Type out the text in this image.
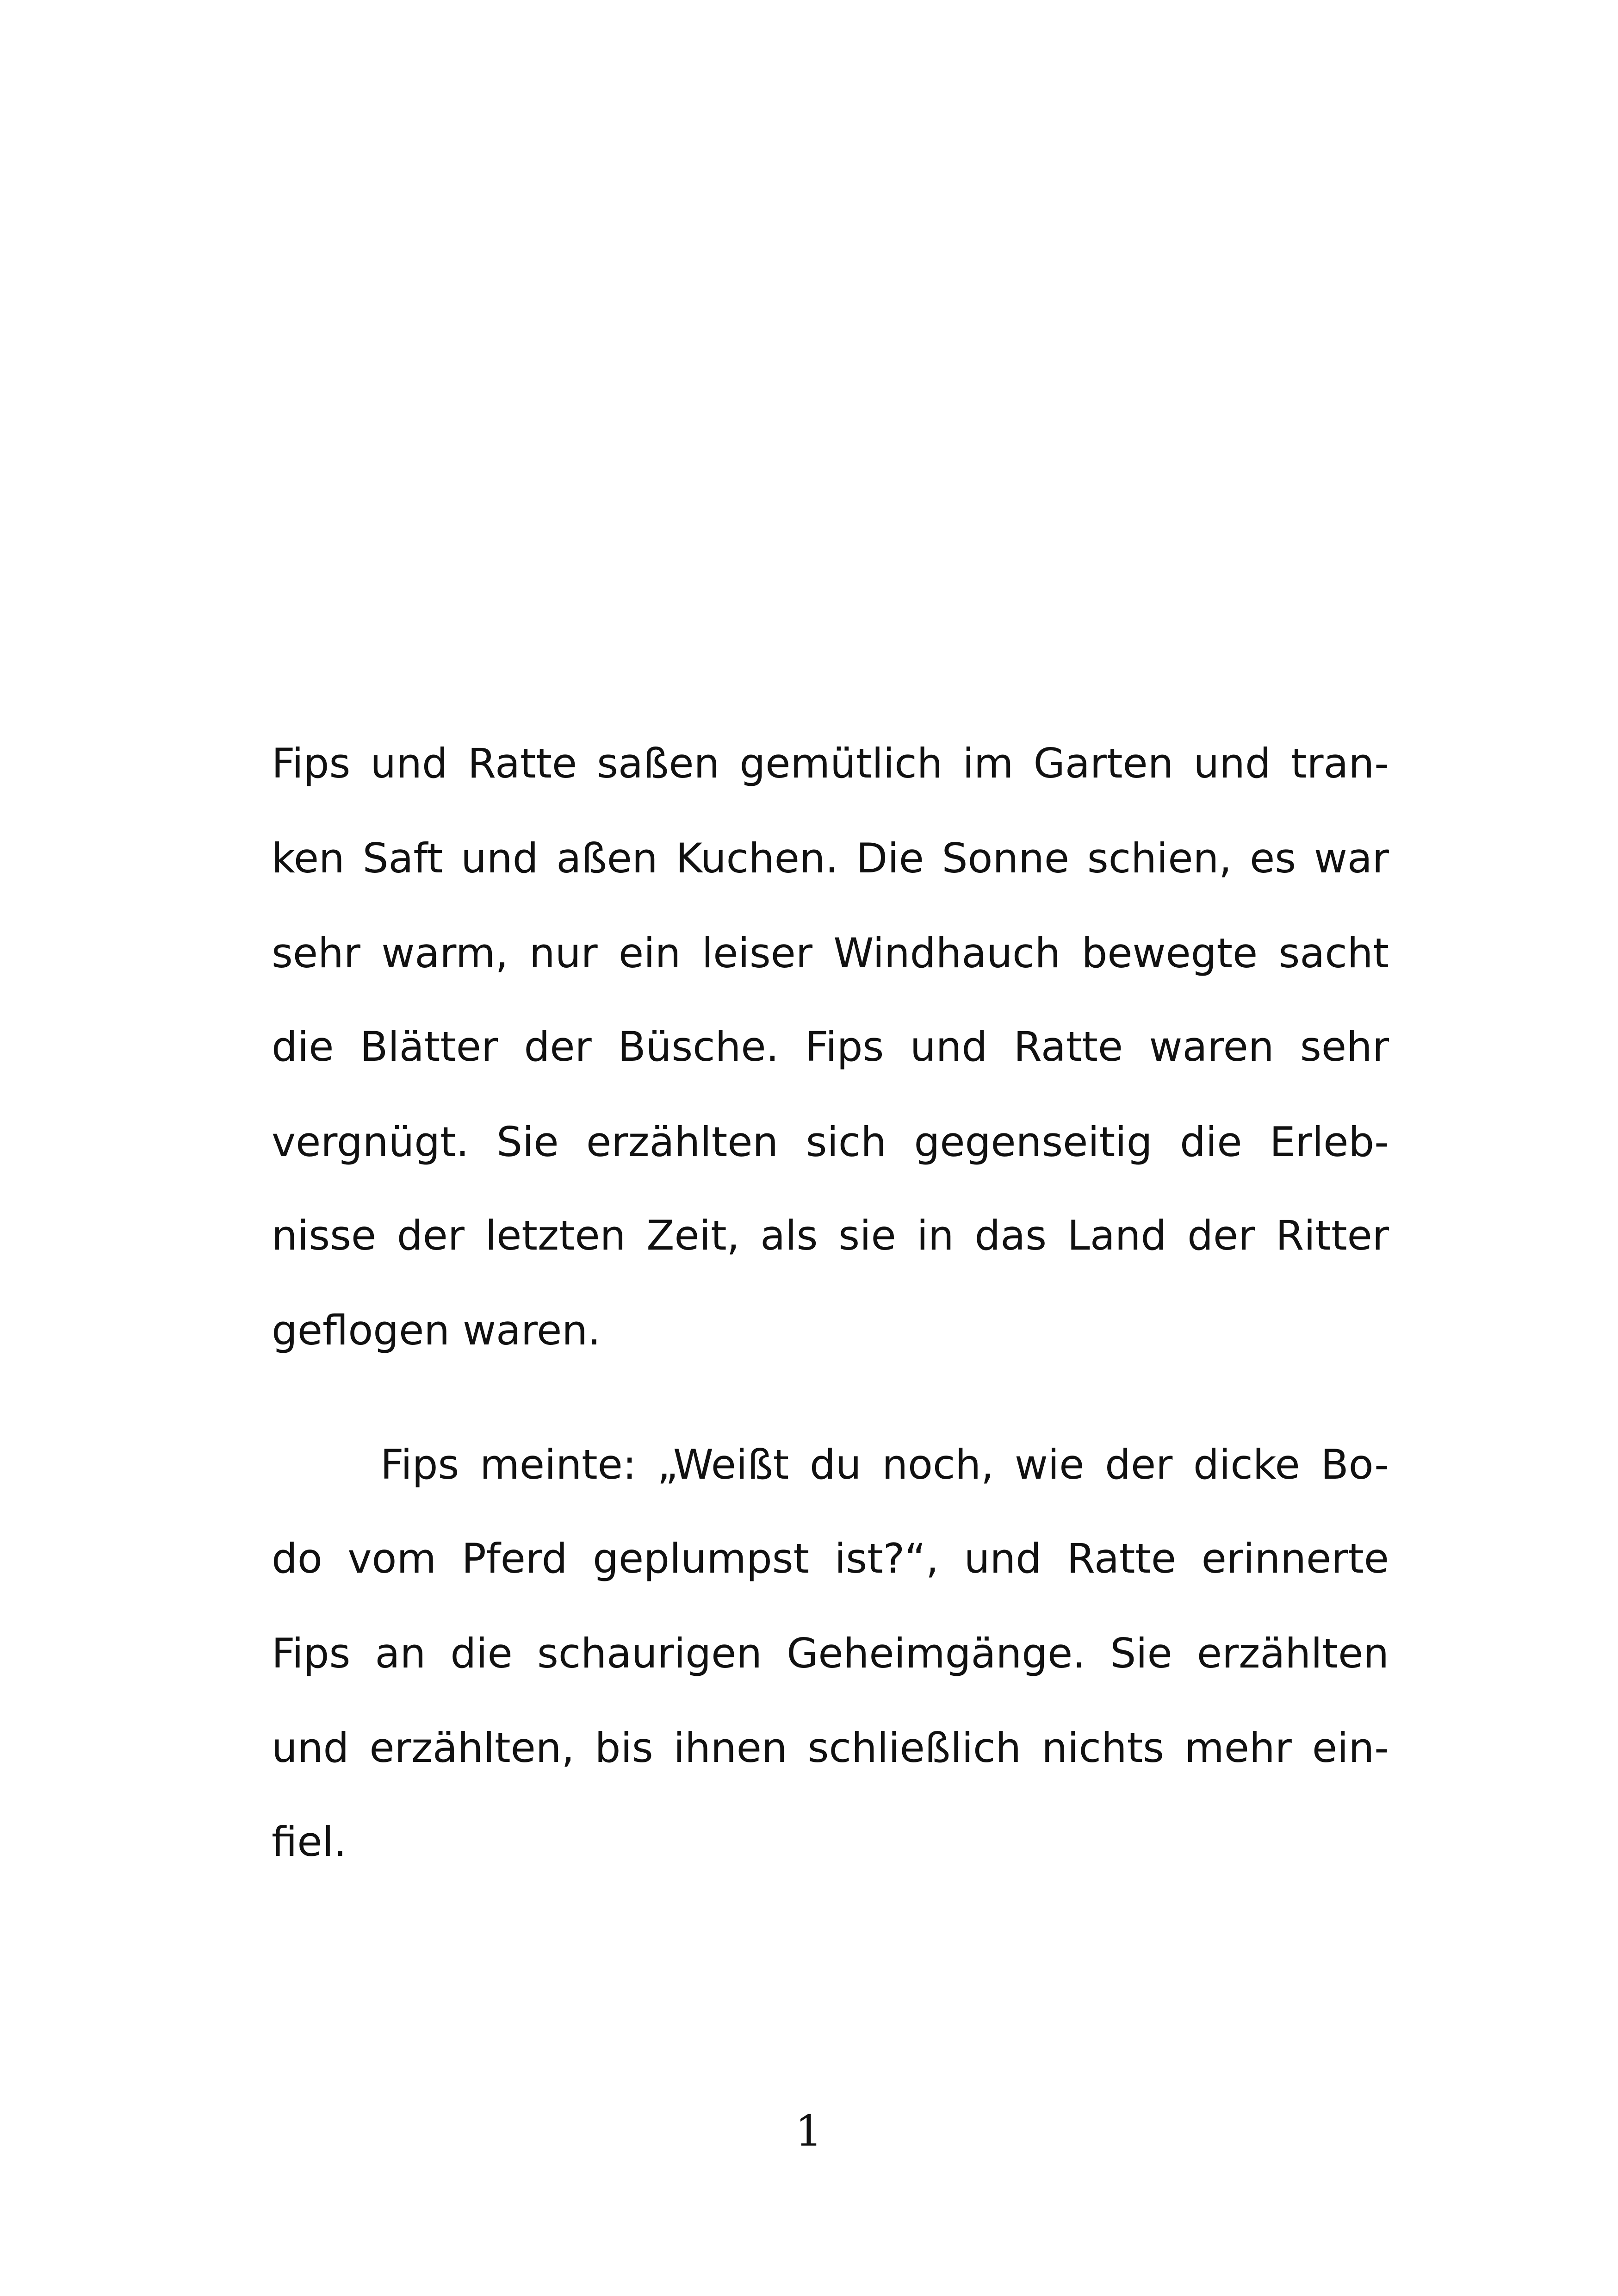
Fips und Ratte saßen gemütlich im Garten und tran-
ken Saft und aßen Kuchen. Die Sonne schien, es war
sehr warm, nur ein leiser Windhauch bewegte sacht
die Blätter der Büsche. Fips und Ratte waren sehr
vergnügt. Sie erzählten sich gegenseitig die Erleb-
nisse der letzten Zeit, als sie in das Land der Ritter
geflogen waren.
Fips meinte: „Weißt du noch, wie der dicke Bo-
do vom Pferd geplumpst ist?“, und Ratte erinnerte
Fips an die schaurigen Geheimgänge. Sie erzählten
und erzählten, bis ihnen schließlich nichts mehr ein-
fiel.
1
